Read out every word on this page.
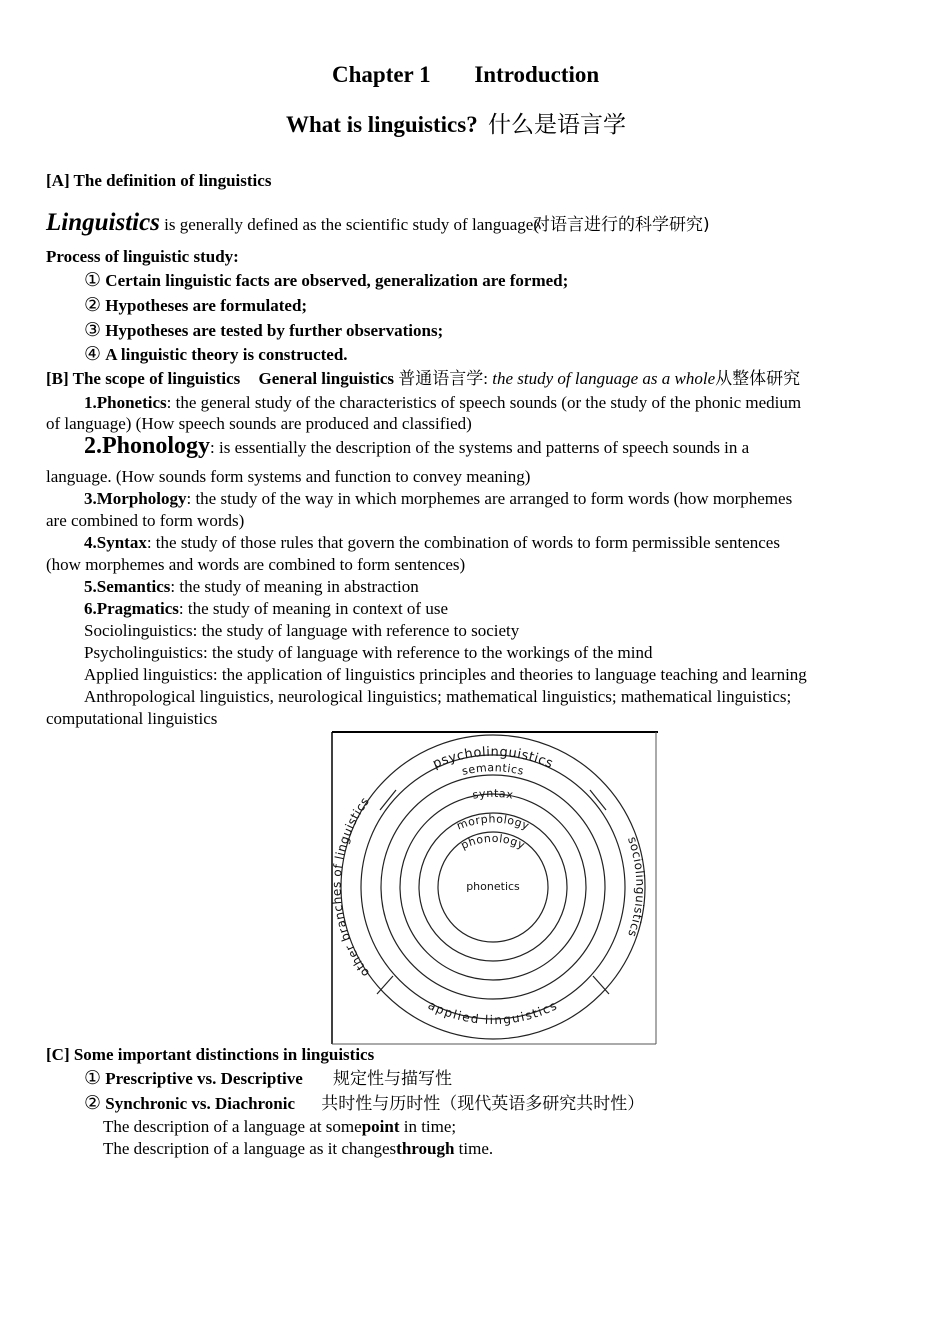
Chapter 1 Introduction
What is linguistics? 什么是语言学
[A] The definition of linguistics
Linguistics is generally defined as the scientific study of language(对语言进行的科学研究)
Process of linguistic study:
① Certain linguistic facts are observed, generalization are formed;
② Hypotheses are formulated;
③ Hypotheses are tested by further observations;
④ A linguistic theory is constructed.
[B] The scope of linguistics General linguistics 普通语言学: the study of language as a whole从整体研究
1.Phonetics: the general study of the characteristics of speech sounds (or the study of the phonic medium
of language) (How speech sounds are produced and classified)
2.Phonology: is essentially the description of the systems and patterns of speech sounds in a
language. (How sounds form systems and function to convey meaning)
3.Morphology: the study of the way in which morphemes are arranged to form words (how morphemes
are combined to form words)
4.Syntax: the study of those rules that govern the combination of words to form permissible sentences
(how morphemes and words are combined to form sentences)
5.Semantics: the study of meaning in abstraction
6.Pragmatics: the study of meaning in context of use
Sociolinguistics: the study of language with reference to society
Psycholinguistics: the study of language with reference to the workings of the mind
Applied linguistics: the application of linguistics principles and theories to language teaching and learning
Anthropological linguistics, neurological linguistics; mathematical linguistics; mathematical linguistics;
computational linguistics
psycholinguistics
semantics
syntax
morphology
phonology
phonetics
other branches of linguistics
sociolinguistics
applied linguistics
[C] Some important distinctions in linguistics
① Prescriptive vs. Descriptive 规定性与描写性
② Synchronic vs. Diachronic 共时性与历时性（现代英语多研究共时性）
The description of a language at somepoint in time;
The description of a language as it changesthrough time.
